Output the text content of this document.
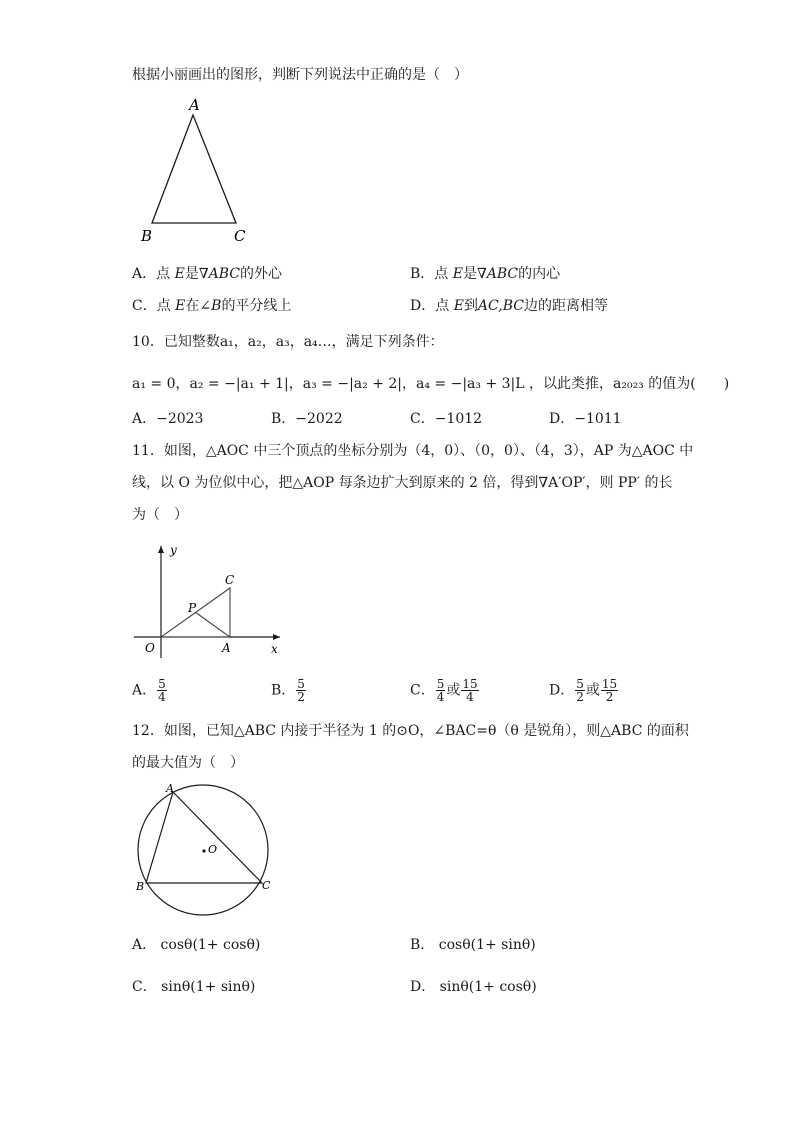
根据小丽画出的图形，判断下列说法中正确的是（　）
A
B	C
A．点 E是∇ABC的外心	B．点 E是∇ABC的内心
C．点 E在∠B的平分线上	D．点 E到AC,BC边的距离相等
10．已知整数a₁，a₂，a₃，a₄…，满足下列条件：
a₁ = 0，a₂ = −|a₁ + 1|，a₃ = −|a₂ + 2|，a₄ = −|a₃ + 3|L ，以此类推，a₂₀₂₃ 的值为(　　)
A．−2023	B．−2022	C．−1012	D．−1011
11．如图，△AOC 中三个顶点的坐标分别为（4，0）、（0，0）、（4，3），AP 为△AOC 中
线，以 O 为位似中心，把△AOP 每条边扩大到原来的 2 倍，得到∇A′OP′，则 PP′ 的长
为（　）
y
x
O	A
C
P
A． $\frac{5}{4}$	B． $\frac{5}{2}$	C． $\frac{5}{4}$ 或 $\frac{15}{4}$	D． $\frac{5}{2}$ 或 $\frac{15}{2}$
12．如图，已知△ABC 内接于半径为 1 的⊙O，∠BAC=θ（θ 是锐角），则△ABC 的面积
的最大值为（　）
A
B	C
O
A． cosθ(1+ cosθ)	B． cosθ(1+ sinθ)
C． sinθ(1+ sinθ)	D． sinθ(1+ cosθ)
